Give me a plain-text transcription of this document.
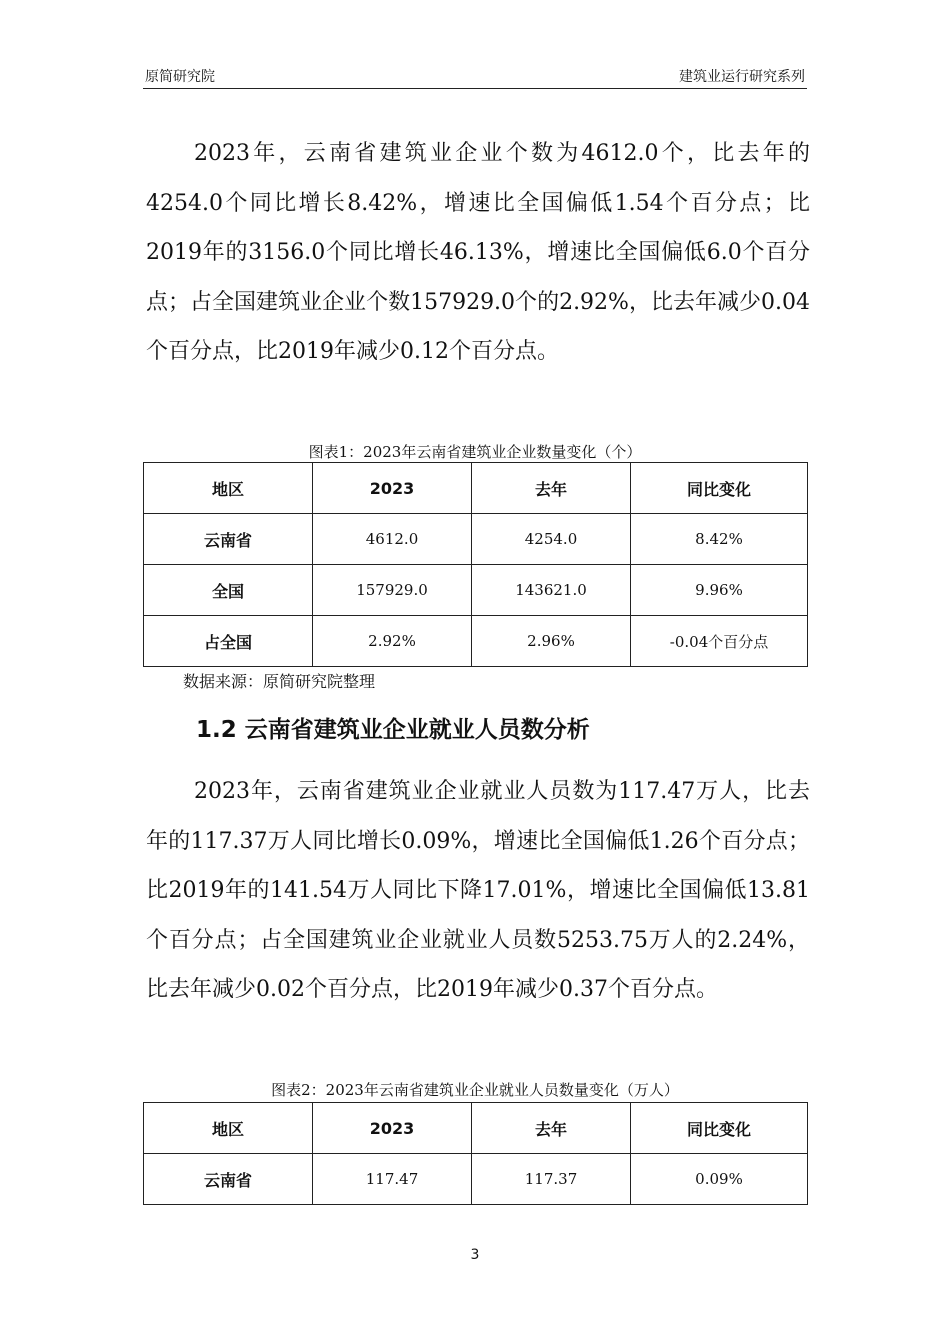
原简研究院	建筑业运行研究系列
2023年，云南省建筑业企业个数为4612.0个，比去年的4254.0个同比增长8.42%，增速比全国偏低1.54个百分点；比2019年的3156.0个同比增长46.13%，增速比全国偏低6.0个百分点；占全国建筑业企业个数157929.0个的2.92%，比去年减少0.04个百分点，比2019年减少0.12个百分点。
图表1：2023年云南省建筑业企业数量变化（个）
地区	2023	去年	同比变化
云南省	4612.0	4254.0	8.42%
全国	157929.0	143621.0	9.96%
占全国	2.92%	2.96%	-0.04个百分点
数据来源：原简研究院整理
1.2 云南省建筑业企业就业人员数分析
2023年，云南省建筑业企业就业人员数为117.47万人，比去年的117.37万人同比增长0.09%，增速比全国偏低1.26个百分点；比2019年的141.54万人同比下降17.01%，增速比全国偏低13.81个百分点；占全国建筑业企业就业人员数5253.75万人的2.24%，比去年减少0.02个百分点，比2019年减少0.37个百分点。
图表2：2023年云南省建筑业企业就业人员数量变化（万人）
地区	2023	去年	同比变化
云南省	117.47	117.37	0.09%
3
